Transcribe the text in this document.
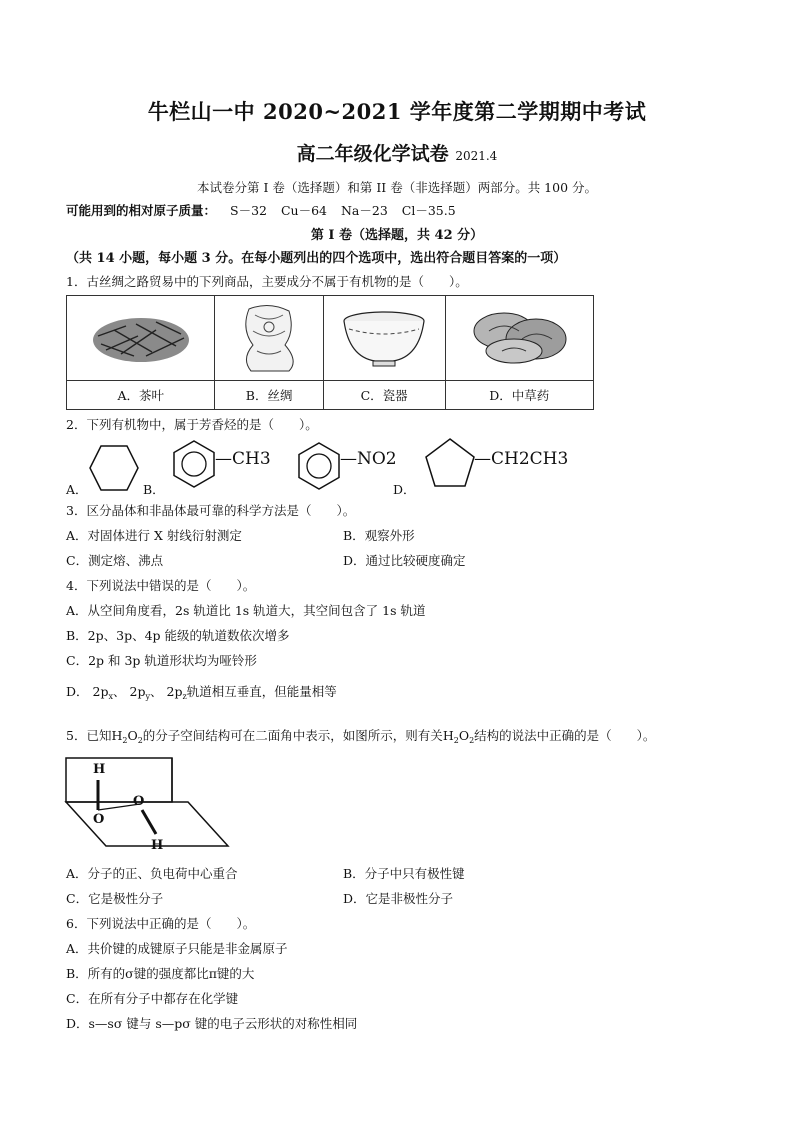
牛栏山一中 2020~2021 学年度第二学期期中考试
高二年级化学试卷 2021.4
本试卷分第 I 卷（选择题）和第 II 卷（非选择题）两部分。共 100 分。
可能用到的相对原子质量： S－32 Cu－64 Na－23 Cl－35.5
第 I 卷（选择题，共 42 分）
（共 14 小题，每小题 3 分。在每小题列出的四个选项中，选出符合题目答案的一项）
1．古丝绸之路贸易中的下列商品，主要成分不属于有机物的是（　　）。

A．茶叶	B．丝绸	C．瓷器	D．中草药
2．下列有机物中，属于芳香烃的是（　　）。
A．	B．
—CH3	—NO2
D．
—CH2CH3
3．区分晶体和非晶体最可靠的科学方法是（　　）。
A．对固体进行 X 射线衍射测定	B．观察外形
C．测定熔、沸点	D．通过比较硬度确定
4．下列说法中错误的是（　　）。
A．从空间角度看，2s 轨道比 1s 轨道大，其空间包含了 1s 轨道
B．2p、3p、4p 能级的轨道数依次增多
C．2p 和 3p 轨道形状均为哑铃形
D． $2p_x$、 $2p_y$、 $2p_z$轨道相互垂直，但能量相等
5．已知$H_2O_2$的分子空间结构可在二面角中表示，如图所示，则有关$H_2O_2$结构的说法中正确的是（　　）。
H
O
O
H
A．分子的正、负电荷中心重合	B．分子中只有极性键
C．它是极性分子	D．它是非极性分子
6．下列说法中正确的是（　　）。
A．共价键的成键原子只能是非金属原子
B．所有的σ键的强度都比π键的大
C．在所有分子中都存在化学键
D．s—sσ 键与 s—pσ 键的电子云形状的对称性相同
